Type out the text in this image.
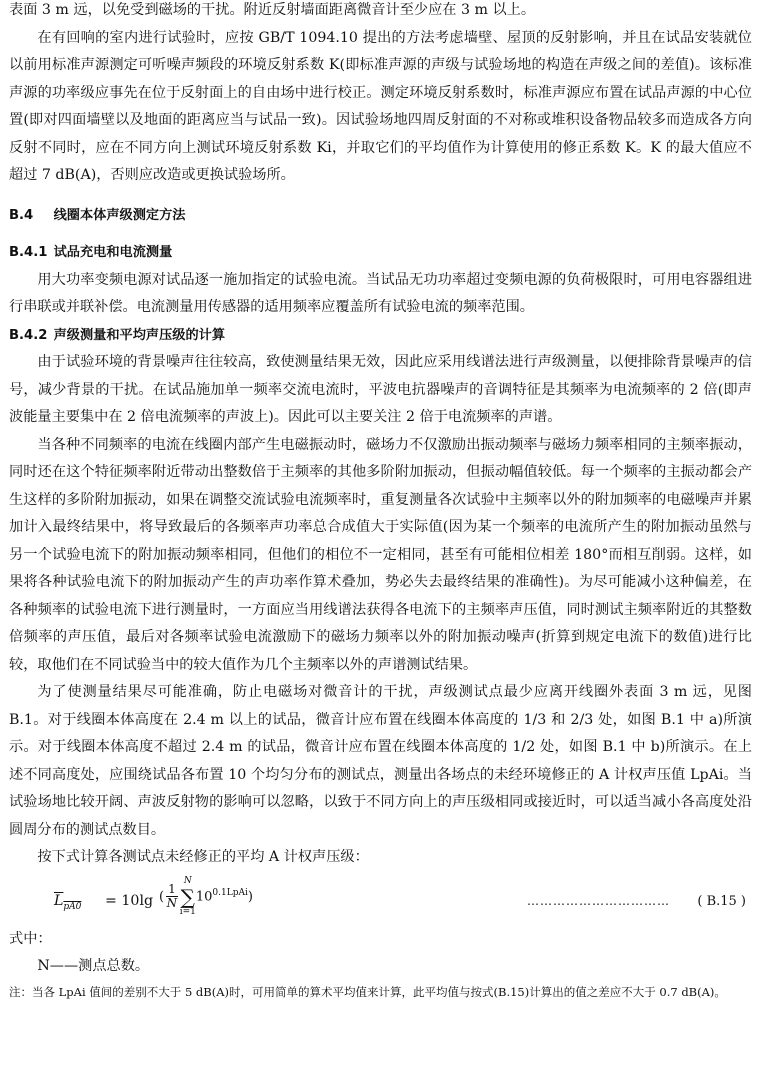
表面 3 m 远，以免受到磁场的干扰。附近反射墙面距离微音计至少应在 3 m 以上。

在有回响的室内进行试验时，应按 GB/T 1094.10 提出的方法考虑墙壁、屋顶的反射影响，并且在试品安装就位以前用标准声源测定可听噪声频段的环境反射系数 K(即标准声源的声级与试验场地的构造在声级之间的差值)。该标准声源的功率级应事先在位于反射面上的自由场中进行校正。测定环境反射系数时，标准声源应布置在试品声源的中心位置(即对四面墙壁以及地面的距离应当与试品一致)。因试验场地四周反射面的不对称或堆积设备物品较多而造成各方向反射不同时，应在不同方向上测试环境反射系数 Ki，并取它们的平均值作为计算使用的修正系数 K。K 的最大值应不超过 7 dB(A)，否则应改造或更换试验场所。

B.4 线圈本体声级测定方法

B.4.1 试品充电和电流测量

用大功率变频电源对试品逐一施加指定的试验电流。当试品无功功率超过变频电源的负荷极限时，可用电容器组进行串联或并联补偿。电流测量用传感器的适用频率应覆盖所有试验电流的频率范围。

B.4.2 声级测量和平均声压级的计算

由于试验环境的背景噪声往往较高，致使测量结果无效，因此应采用线谱法进行声级测量，以便排除背景噪声的信号，减少背景的干扰。在试品施加单一频率交流电流时，平波电抗器噪声的音调特征是其频率为电流频率的 2 倍(即声波能量主要集中在 2 倍电流频率的声波上)。因此可以主要关注 2 倍于电流频率的声谱。

当各种不同频率的电流在线圈内部产生电磁振动时，磁场力不仅激励出振动频率与磁场力频率相同的主频率振动，同时还在这个特征频率附近带动出整数倍于主频率的其他多阶附加振动，但振动幅值较低。每一个频率的主振动都会产生这样的多阶附加振动，如果在调整交流试验电流频率时，重复测量各次试验中主频率以外的附加频率的电磁噪声并累加计入最终结果中，将导致最后的各频率声功率总合成值大于实际值(因为某一个频率的电流所产生的附加振动虽然与另一个试验电流下的附加振动频率相同，但他们的相位不一定相同，甚至有可能相位相差 180°而相互削弱。这样，如果将各种试验电流下的附加振动产生的声功率作算术叠加，势必失去最终结果的准确性)。为尽可能减小这种偏差，在各种频率的试验电流下进行测量时，一方面应当用线谱法获得各电流下的主频率声压值，同时测试主频率附近的其整数倍频率的声压值，最后对各频率试验电流激励下的磁场力频率以外的附加振动噪声(折算到规定电流下的数值)进行比较，取他们在不同试验当中的较大值作为几个主频率以外的声谱测试结果。

为了使测量结果尽可能准确，防止电磁场对微音计的干扰，声级测试点最少应离开线圈外表面 3 m 远，见图 B.1。对于线圈本体高度在 2.4 m 以上的试品，微音计应布置在线圈本体高度的 1/3 和 2/3 处，如图 B.1 中 a)所演示。对于线圈本体高度不超过 2.4 m 的试品，微音计应布置在线圈本体高度的 1/2 处，如图 B.1 中 b)所演示。在上述不同高度处，应围绕试品各布置 10 个均匀分布的测试点，测量出各场点的未经环境修正的 A 计权声压值 LpAi。当试验场地比较开阔、声波反射物的影响可以忽略，以致于不同方向上的声压级相同或接近时，可以适当减小各高度处沿圆周分布的测试点数目。

按下式计算各测试点未经修正的平均 A 计权声压级：

$L_{pA0} = 10\lg$ ( $\frac{1}{N}$
N
∑
i=1
$10^{0.1LpAi}$)	…………………………… ( B.15 )

式中：

N——测点总数。

注：当各 LpAi 值间的差别不大于 5 dB(A)时，可用简单的算术平均值来计算，此平均值与按式(B.15)计算出的值之差应不大于 0.7 dB(A)。
